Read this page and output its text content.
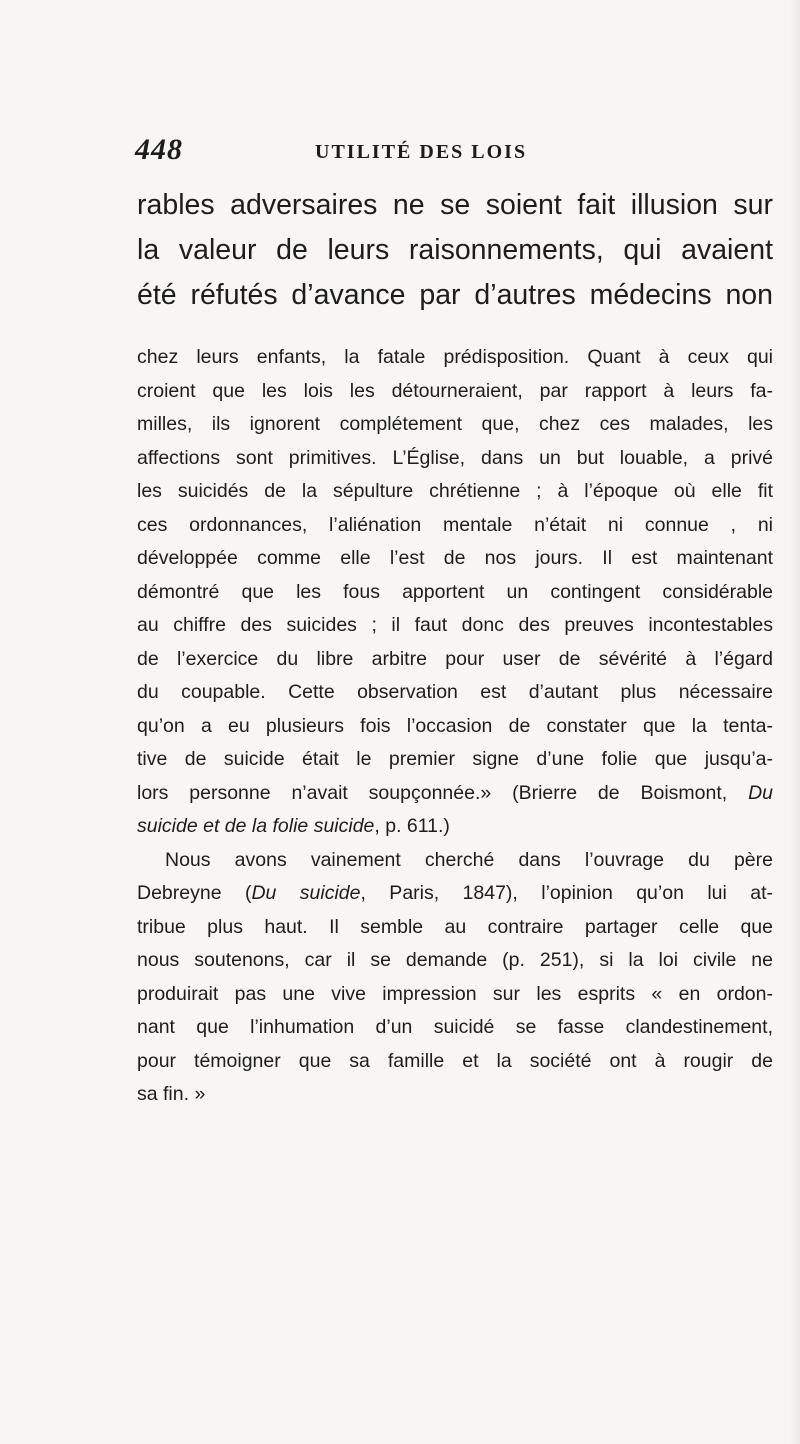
448	UTILITÉ DES LOIS

rables adversaires ne se soient fait illusion sur
la valeur de leurs raisonnements, qui avaient
été réfutés d’avance par d’autres médecins non

chez leurs enfants, la fatale prédisposition. Quant à ceux qui
croient que les lois les détourneraient, par rapport à leurs fa-
milles, ils ignorent complétement que, chez ces malades, les
affections sont primitives. L’Église, dans un but louable, a privé
les suicidés de la sépulture chrétienne ; à l’époque où elle fit
ces ordonnances, l’aliénation mentale n’était ni connue , ni
développée comme elle l’est de nos jours. Il est maintenant
démontré que les fous apportent un contingent considérable
au chiffre des suicides ; il faut donc des preuves incontestables
de l’exercice du libre arbitre pour user de sévérité à l’égard
du coupable. Cette observation est d’autant plus nécessaire
qu’on a eu plusieurs fois l’occasion de constater que la tenta-
tive de suicide était le premier signe d’une folie que jusqu’a-
lors personne n’avait soupçonnée.» (Brierre de Boismont, Du
suicide et de la folie suicide, p. 611.)
Nous avons vainement cherché dans l’ouvrage du père
Debreyne (Du suicide, Paris, 1847), l’opinion qu’on lui at-
tribue plus haut. Il semble au contraire partager celle que
nous soutenons, car il se demande (p. 251), si la loi civile ne
produirait pas une vive impression sur les esprits « en ordon-
nant que l’inhumation d’un suicidé se fasse clandestinement,
pour témoigner que sa famille et la société ont à rougir de
sa fin. »
